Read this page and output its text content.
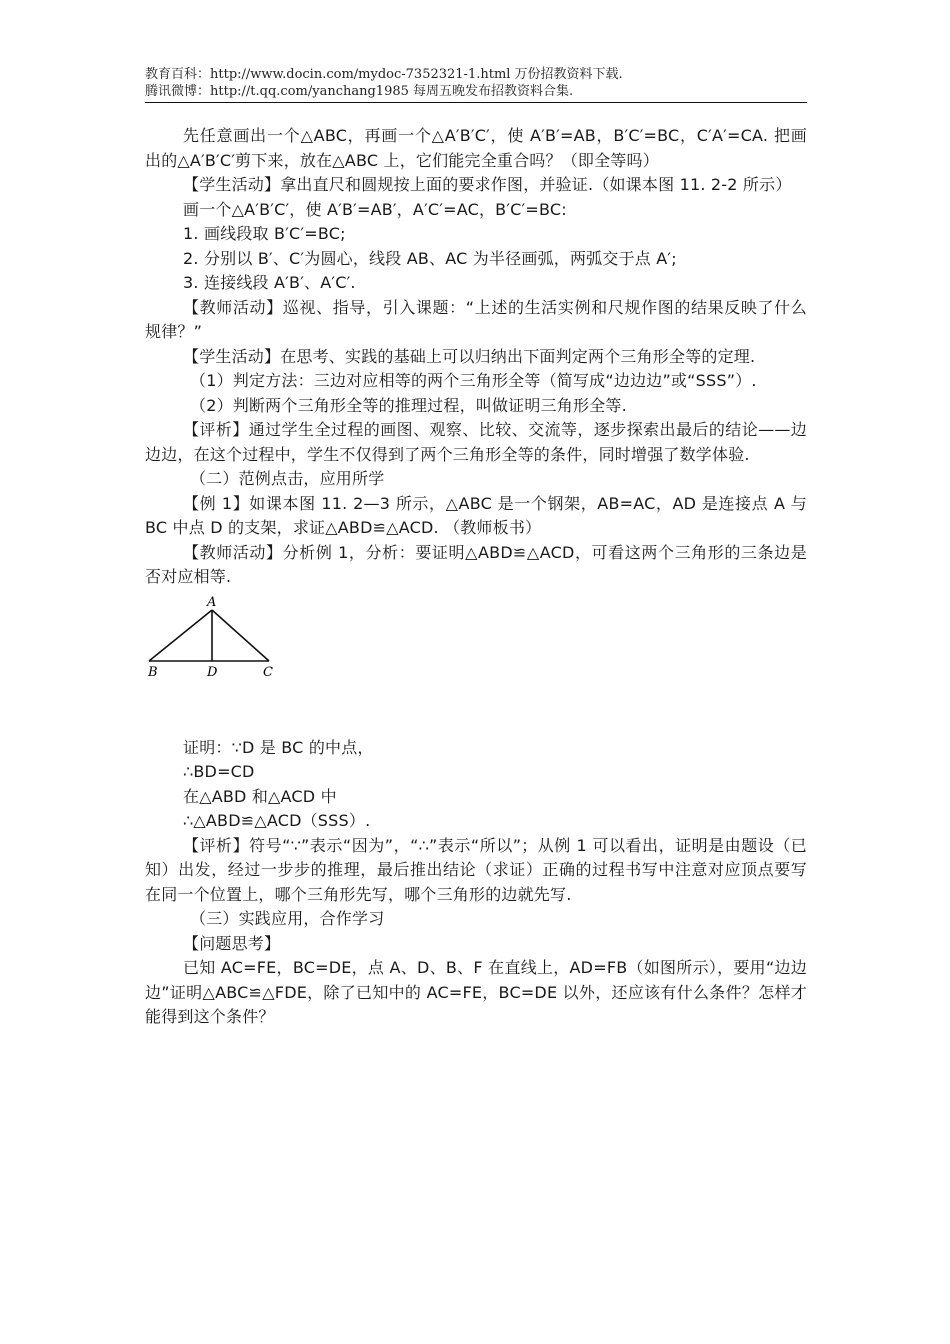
教育百科：http://www.docin.com/mydoc-7352321-1.html 万份招教资料下载.
腾讯微博：http://t.qq.com/yanchang1985 每周五晚发布招教资料合集.

先任意画出一个△ABC，再画一个△A′B′C′，使 A′B′=AB，B′C′=BC，C′A′=CA. 把画出的△A′B′C′剪下来，放在△ABC 上，它们能完全重合吗？（即全等吗）

【学生活动】拿出直尺和圆规按上面的要求作图，并验证.（如课本图 11. 2-2 所示）

画一个△A′B′C′，使 A′B′=AB′，A′C′=AC，B′C′=BC:

1. 画线段取 B′C′=BC;

2. 分别以 B′、C′为圆心，线段 AB、AC 为半径画弧，两弧交于点 A′;

3. 连接线段 A′B′、A′C′.

【教师活动】巡视、指导，引入课题：“上述的生活实例和尺规作图的结果反映了什么规律？”

【学生活动】在思考、实践的基础上可以归纳出下面判定两个三角形全等的定理.

（1）判定方法：三边对应相等的两个三角形全等（简写成“边边边”或“SSS”）.

（2）判断两个三角形全等的推理过程，叫做证明三角形全等.

【评析】通过学生全过程的画图、观察、比较、交流等，逐步探索出最后的结论——边边边，在这个过程中，学生不仅得到了两个三角形全等的条件，同时增强了数学体验.

（二）范例点击，应用所学

【例 1】如课本图 11. 2—3 所示，△ABC 是一个钢架，AB=AC，AD 是连接点 A 与 BC 中点 D 的支架，求证△ABD≌△ACD. （教师板书）

【教师活动】分析例 1，分析：要证明△ABD≌△ACD，可看这两个三角形的三条边是否对应相等.

A
B	D	C

证明：∵D 是 BC 的中点，

∴BD=CD

在△ABD 和△ACD 中

∴△ABD≌△ACD（SSS）.

【评析】符号“∵”表示“因为”，“∴”表示“所以”；从例 1 可以看出，证明是由题设（已知）出发，经过一步步的推理，最后推出结论（求证）正确的过程书写中注意对应顶点要写在同一个位置上，哪个三角形先写，哪个三角形的边就先写.

（三）实践应用，合作学习

【问题思考】

已知 AC=FE，BC=DE，点 A、D、B、F 在直线上，AD=FB（如图所示），要用“边边边”证明△ABC≌△FDE，除了已知中的 AC=FE，BC=DE 以外，还应该有什么条件？怎样才能得到这个条件？
